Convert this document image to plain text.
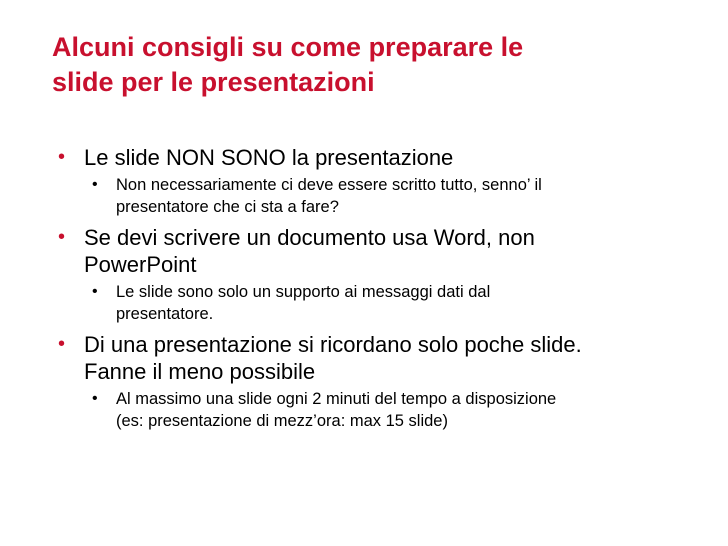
Alcuni consigli su come preparare le
slide per le presentazioni
• Le slide NON SONO la presentazione
• Non necessariamente ci deve essere scritto tutto, senno’ il
presentatore che ci sta a fare?
• Se devi scrivere un documento usa Word, non
PowerPoint
• Le slide sono solo un supporto ai messaggi dati dal
presentatore.
• Di una presentazione si ricordano solo poche slide.
Fanne il meno possibile
• Al massimo una slide ogni 2 minuti del tempo a disposizione
(es: presentazione di mezz’ora: max 15 slide)
